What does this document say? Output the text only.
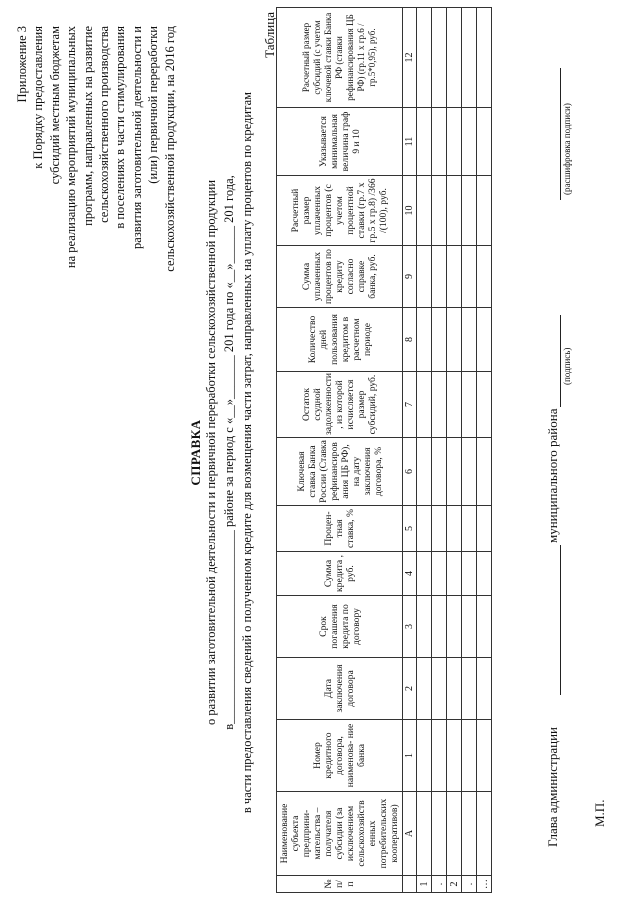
Приложение 3 к Порядку предоставления субсидий местным бюджетам на реализацию мероприятий муниципальных программ, направленных на развитие сельскохозяйственного производства в поселениях в части стимулирования развития заготовительной деятельности и (или) первичной переработки сельскохозяйственной продукции, на 2016 год
СПРАВКА о развитии заготовительной деятельности и первичной переработки сельскохозяйственной продукции в_______________________________ районе за период с «__»_______ 201 года по «__»______ 201 года, в части предоставления сведений о полученном кредите для возмещения части затрат, направленных на уплату процентов по кредитам
Таблица
№ п/ п	Наименование субъекта предприни- мательства – получателя субсидии (за исключением сельскохозяйств енных потребительских кооперативов)	Номер кредитного договора, наименова- ние банка	Дата заключения договора	Срок погашения кредита по договору	Сумма кредита , руб.	Процен- тная ставка, %	Ключевая ставка Банка России (Ставка рефинансиров ания ЦБ РФ), на дату заключения договора, %	Остаток ссудной задолженности , из которой исчисляется размер субсидий, руб.	Количество дней пользования кредитом в расчетном периоде	Сумма уплаченных процентов по кредиту согласно справке банка, руб.	Расчетный размер уплаченных процентов (с учетом процентной ставки (гр.7 х гр.5 х гр.8) /366 /(100), руб.	Указывается минимальная величина граф 9 и 10	Расчетный размер субсидий (с учетом ключевой ставки Банка РФ (ставки рефинансирования ЦБ РФ) (гр.11 х гр.6 / гр.5*0,95), руб.
	А	1	2	3	4	5	6	7	8	9	10	11	12
1													
.													
2													
.													
…													
Глава администрации
муниципального района
(подпись)
(расшифровка подписи)
М.П.
